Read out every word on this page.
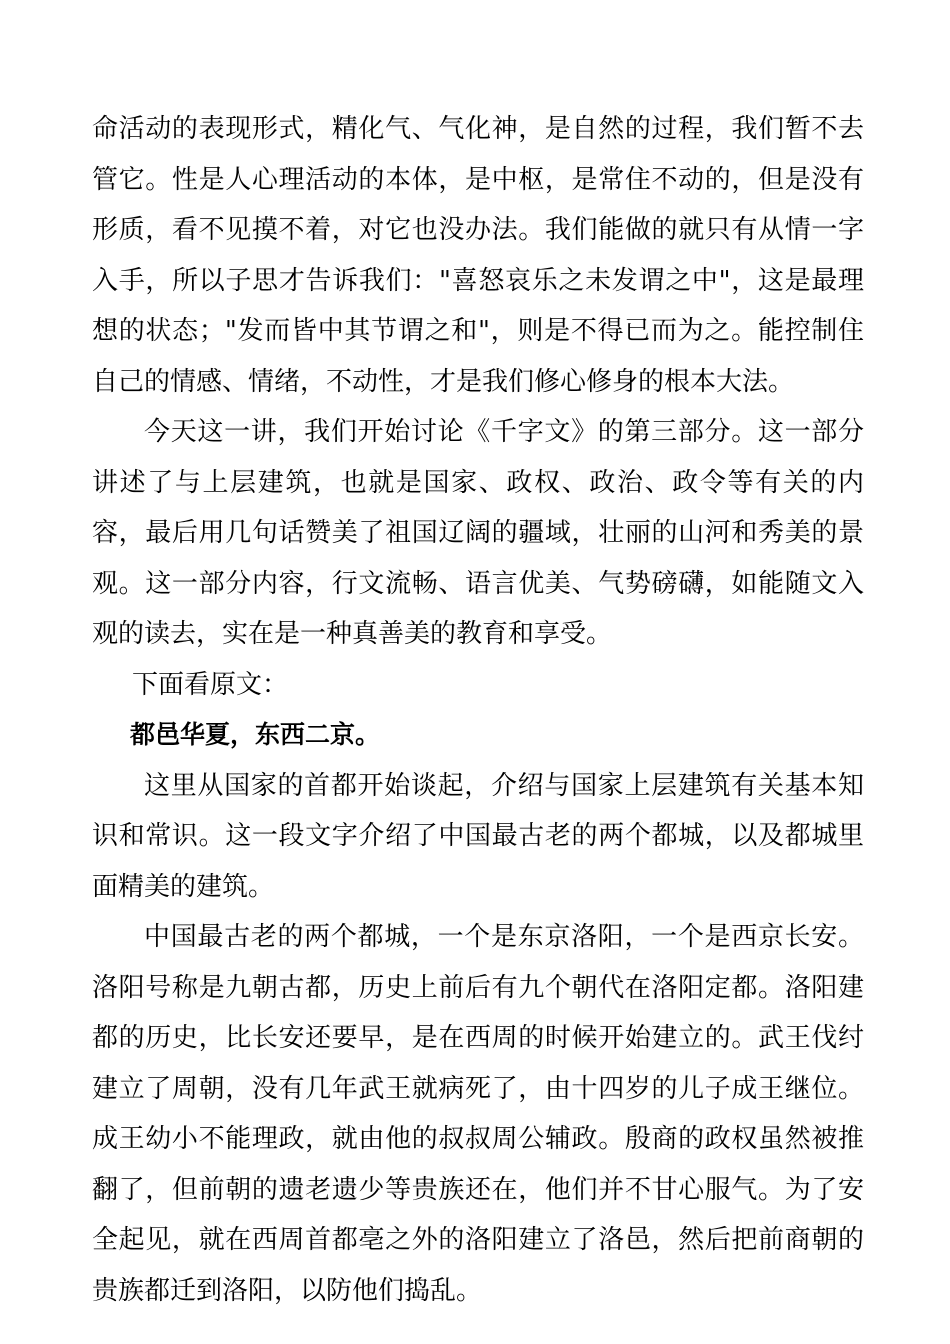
命活动的表现形式，精化气、气化神，是自然的过程，我们暂不去管它。性是人心理活动的本体，是中枢，是常住不动的，但是没有形质，看不见摸不着，对它也没办法。我们能做的就只有从情一字入手，所以子思才告诉我们："喜怒哀乐之未发谓之中"，这是最理想的状态；"发而皆中其节谓之和"，则是不得已而为之。能控制住自己的情感、情绪，不动性，才是我们修心修身的根本大法。

今天这一讲，我们开始讨论《千字文》的第三部分。这一部分讲述了与上层建筑，也就是国家、政权、政治、政令等有关的内容，最后用几句话赞美了祖国辽阔的疆域，壮丽的山河和秀美的景观。这一部分内容，行文流畅、语言优美、气势磅礴，如能随文入观的读去，实在是一种真善美的教育和享受。

下面看原文：

都邑华夏，东西二京。

这里从国家的首都开始谈起，介绍与国家上层建筑有关基本知识和常识。这一段文字介绍了中国最古老的两个都城，以及都城里面精美的建筑。

中国最古老的两个都城，一个是东京洛阳，一个是西京长安。洛阳号称是九朝古都，历史上前后有九个朝代在洛阳定都。洛阳建都的历史，比长安还要早，是在西周的时候开始建立的。武王伐纣建立了周朝，没有几年武王就病死了，由十四岁的儿子成王继位。成王幼小不能理政，就由他的叔叔周公辅政。殷商的政权虽然被推翻了，但前朝的遗老遗少等贵族还在，他们并不甘心服气。为了安全起见，就在西周首都亳之外的洛阳建立了洛邑，然后把前商朝的贵族都迁到洛阳，以防他们捣乱。
